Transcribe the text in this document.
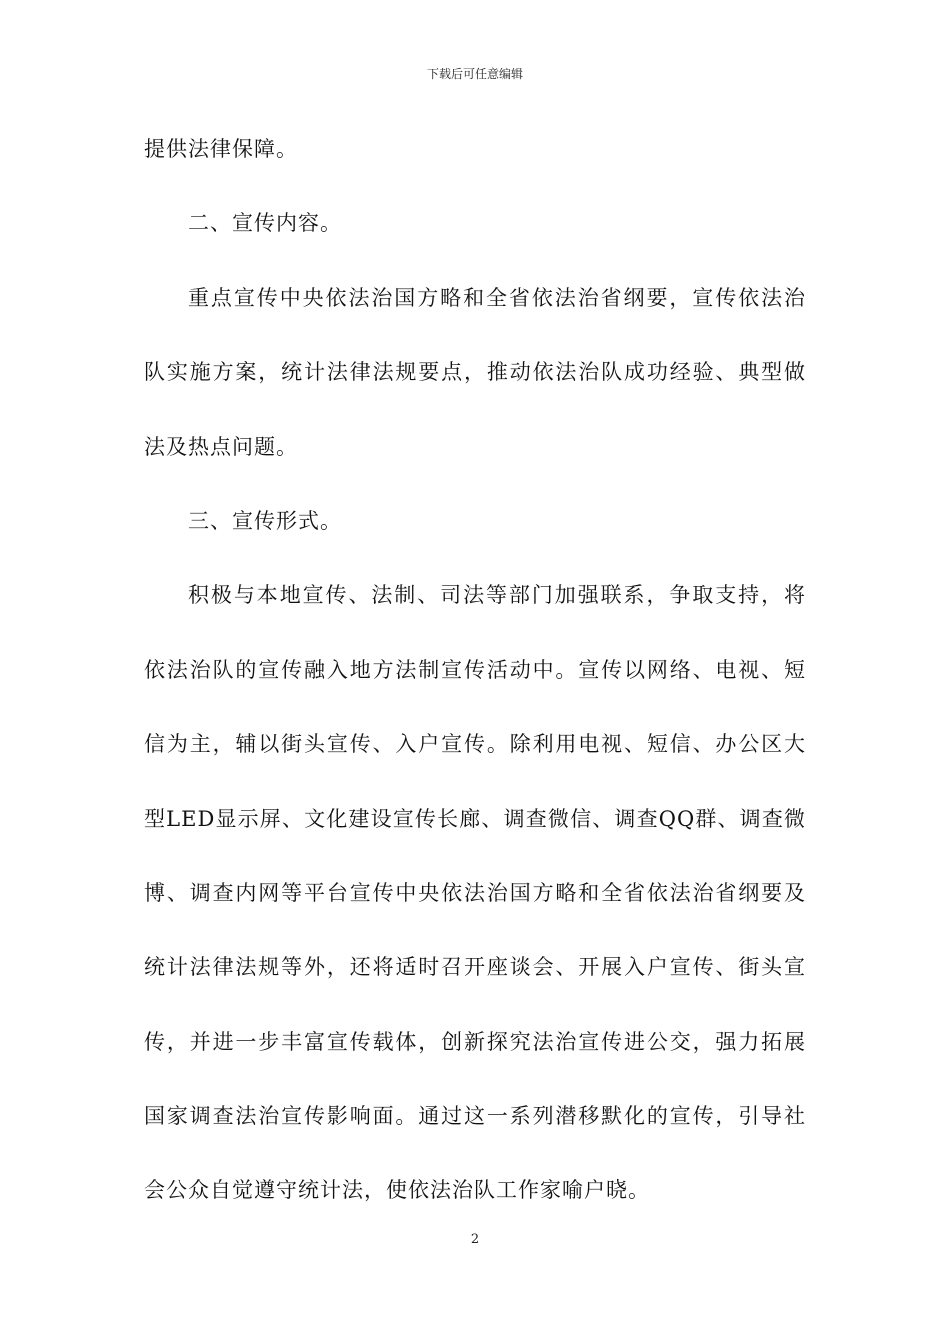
下载后可任意编辑
提供法律保障。
二、宣传内容。
重点宣传中央依法治国方略和全省依法治省纲要，宣传依法治
队实施方案，统计法律法规要点，推动依法治队成功经验、典型做
法及热点问题。
三、宣传形式。
积极与本地宣传、法制、司法等部门加强联系，争取支持，将
依法治队的宣传融入地方法制宣传活动中。宣传以网络、电视、短
信为主，辅以街头宣传、入户宣传。除利用电视、短信、办公区大
型LED显示屏、文化建设宣传长廊、调查微信、调查QQ群、调查微
博、调查内网等平台宣传中央依法治国方略和全省依法治省纲要及
统计法律法规等外，还将适时召开座谈会、开展入户宣传、街头宣
传，并进一步丰富宣传载体，创新探究法治宣传进公交，强力拓展
国家调查法治宣传影响面。通过这一系列潜移默化的宣传，引导社
会公众自觉遵守统计法，使依法治队工作家喻户晓。
2
